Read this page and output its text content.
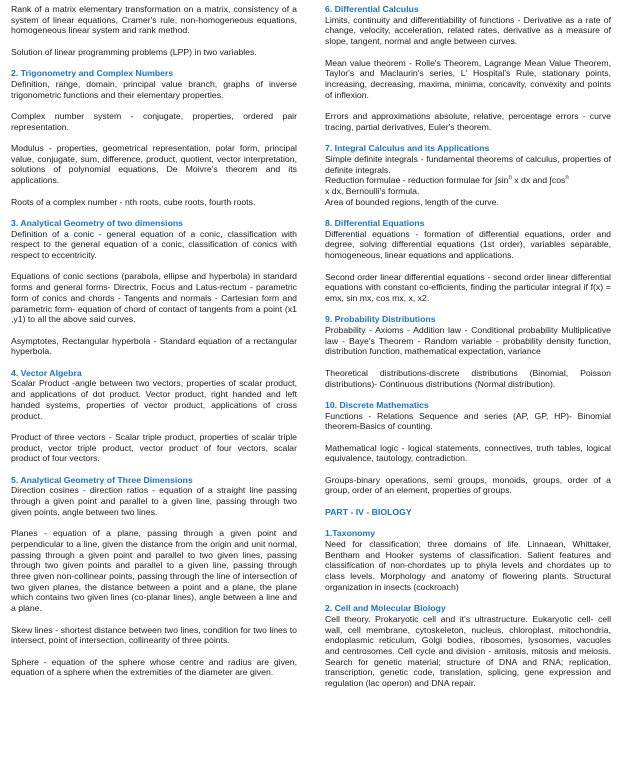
Rank of a matrix elementary transformation on a matrix, consistency of a system of linear equations, Cramer's rule, non-homogeneous equations, homogeneous linear system and rank method.

Solution of linear programming problems (LPP) in two variables.

2. Trigonometry and Complex Numbers
Definition, range, domain, principal value branch, graphs of inverse trigonometric functions and their elementary properties.

Complex number system - conjugate, properties, ordered pair representation.

Modulus - properties, geometrical representation, polar form, principal value, conjugate, sum, difference, product, quotient, vector interpretation, solutions of polynomial equations, De Moivre's theorem and its applications.

Roots of a complex number - nth roots, cube roots, fourth roots.

3. Analytical Geometry of two dimensions
Definition of a conic - general equation of a conic, classification with respect to the general equation of a conic, classification of conics with respect to eccentricity.

Equations of conic sections (parabola, ellipse and hyperbola) in standard forms and general forms- Directrix, Focus and Latus-rectum - parametric form of conics and chords - Tangents and normals - Cartesian form and parametric form- equation of chord of contact of tangents from a point (x1 ,y1) to all the above said curves.

Asymptotes, Rectangular hyperbola - Standard equation of a rectangular hyperbola.

4. Vector Algebra
Scalar Product -angle between two vectors, properties of scalar product, and applications of dot product. Vector product, right handed and left handed systems, properties of vector product, applications of cross product.

Product of three vectors - Scalar triple product, properties of scalar triple product, vector triple product, vector product of four vectors, scalar product of four vectors.

5. Analytical Geometry of Three Dimensions
Direction cosines - direction ratios - equation of a straight line passing through a given point and parallel to a given line, passing through two given points, angle between two lines.

Planes - equation of a plane, passing through a given point and perpendicular to a line, given the distance from the origin and unit normal, passing through a given point and parallel to two given lines, passing through two given points and parallel to a given line, passing through three given non-collinear points, passing through the line of intersection of two given planes, the distance between a point and a plane, the plane which contains two given lines (co-planar lines), angle between a line and a plane.

Skew lines - shortest distance between two lines, condition for two lines to intersect, point of intersection, collinearity of three points.

Sphere - equation of the sphere whose centre and radius are given, equation of a sphere when the extremities of the diameter are given.

6. Differential Calculus
Limits, continuity and differentiability of functions - Derivative as a rate of change, velocity, acceleration, related rates, derivative as a measure of slope, tangent, normal and angle between curves.

Mean value theorem - Rolle's Theorem, Lagrange Mean Value Theorem, Taylor's and Maclaurin's series, L' Hospital's Rule, stationary points, increasing, decreasing, maxima, minima, concavity, convexity and points of inflexion.

Errors and approximations absolute, relative, percentage errors - curve tracing, partial derivatives, Euler's theorem.

7. Integral Calculus and its Applications
Simple definite integrals - fundamental theorems of calculus, properties of definite integrals.
Reduction formulae - reduction formulae for $\int\sin^n$ x dx and $\int\cos^n$
x dx, Bernoulli's formula.
Area of bounded regions, length of the curve.

8. Differential Equations
Differential equations - formation of differential equations, order and degree, solving differential equations (1st order), variables separable, homogeneous, linear equations and applications.

Second order linear differential equations - second order linear differential equations with constant co-efficients, finding the particular integral if f(x) = emx, sin mx, cos mx, x, x2.

9. Probability Distributions
Probability - Axioms - Addition law - Conditional probability Multiplicative law - Baye's Theorem - Random variable - probability density function, distribution function, mathematical expectation, variance

Theoretical distributions-discrete distributions (Binomial, Poisson distributions)- Continuous distributions (Normal distribution).

10. Discrete Mathematics
Functions - Relations Sequence and series (AP, GP, HP)- Binomial theorem-Basics of counting.

Mathematical logic - logical statements, connectives, truth tables, logical equivalence, tautology, contradiction.

Groups-binary operations, semi groups, monoids, groups, order of a group, order of an element, properties of groups.

PART - IV - BIOLOGY

1.Taxonomy
Need for classification; three domains of life. Linnaean, Whittaker, Bentham and Hooker systems of classification. Salient features and classification of non-chordates up to phyla levels and chordates up to class levels. Morphology and anatomy of flowering plants. Structural organization in insects (cockroach)

2. Cell and Molecular Biology
Cell theory. Prokaryotic cell and it's ultrastructure. Eukaryotic cell- cell wall, cell membrane, cytoskeleton, nucleus, chloroplast, mitochondria, endoplasmic reticulum, Golgi bodies, ribosomes, lysosomes, vacuoles and centrosomes. Cell cycle and division - amitosis, mitosis and meiosis. Search for genetic material; structure of DNA and RNA; replication, transcription, genetic code, translation, splicing, gene expression and regulation (lac operon) and DNA repair.
